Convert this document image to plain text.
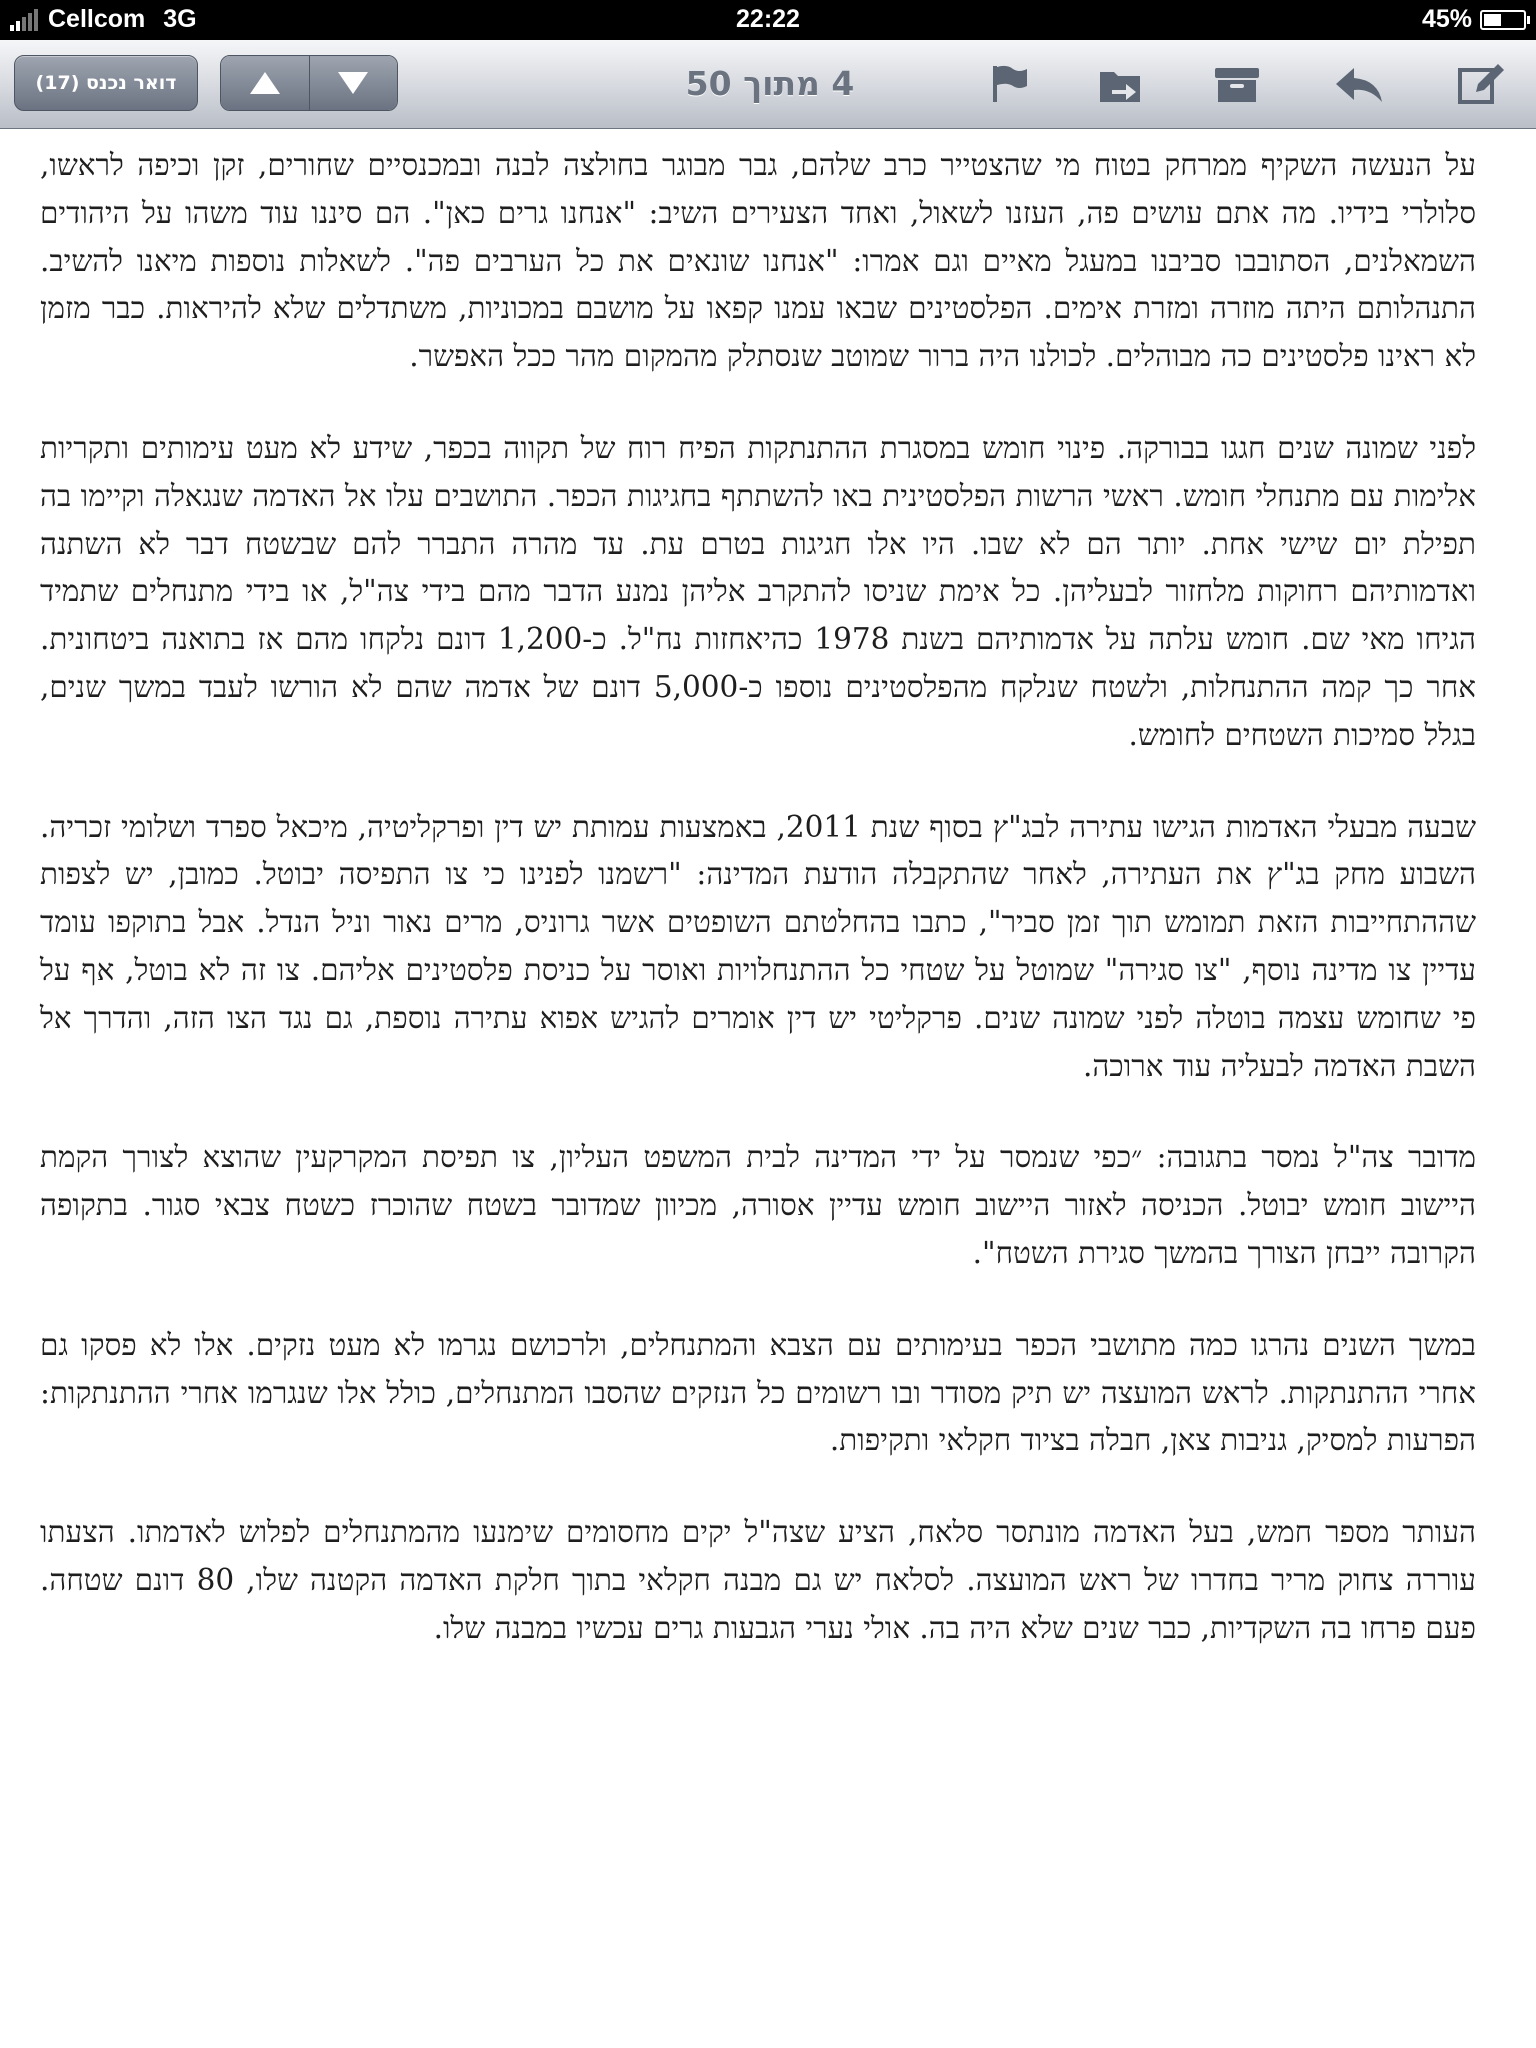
Cellcom 3G	22:22	45%
דואר נכנס (17)	4 מתוך 50

על הנעשה השקיף ממרחק בטוח מי שהצטייר כרב שלהם, גבר מבוגר בחולצה לבנה ובמכנסיים שחורים, זקן וכיפה לראשו, סלולרי בידיו. מה אתם עושים פה, העזנו לשאול, ואחד הצעירים השיב: "אנחנו גרים כאן". הם סיננו עוד משהו על היהודים השמאלנים, הסתובבו סביבנו במעגל מאיים וגם אמרו: "אנחנו שונאים את כל הערבים פה". לשאלות נוספות מיאנו להשיב. התנהלותם היתה מוזרה ומזרת אימים. הפלסטינים שבאו עמנו קפאו על מושבם במכוניות, משתדלים שלא להיראות. כבר מזמן לא ראינו פלסטינים כה מבוהלים. לכולנו היה ברור שמוטב שנסתלק מהמקום מהר ככל האפשר.

לפני שמונה שנים חגגו בבורקה. פינוי חומש במסגרת ההתנתקות הפיח רוח של תקווה בכפר, שידע לא מעט עימותים ותקריות אלימות עם מתנחלי חומש. ראשי הרשות הפלסטינית באו להשתתף בחגיגות הכפר. התושבים עלו אל האדמה שנגאלה וקיימו בה תפילת יום שישי אחת. יותר הם לא שבו. היו אלו חגיגות בטרם עת. עד מהרה התברר להם שבשטח דבר לא השתנה ואדמותיהם רחוקות מלחזור לבעליהן. כל אימת שניסו להתקרב אליהן נמנע הדבר מהם בידי צה"ל, או בידי מתנחלים שתמיד הגיחו מאי שם. חומש עלתה על אדמותיהם בשנת 1978 כהיאחזות נח"ל. כ-1,200 דונם נלקחו מהם אז בתואנה ביטחונית. אחר כך קמה ההתנחלות, ולשטח שנלקח מהפלסטינים נוספו כ-5,000 דונם של אדמה שהם לא הורשו לעבד במשך שנים, בגלל סמיכות השטחים לחומש.

שבעה מבעלי האדמות הגישו עתירה לבג"ץ בסוף שנת 2011, באמצעות עמותת יש דין ופרקליטיה, מיכאל ספרד ושלומי זכריה. השבוע מחק בג"ץ את העתירה, לאחר שהתקבלה הודעת המדינה: "רשמנו לפנינו כי צו התפיסה יבוטל. כמובן, יש לצפות שההתחייבות הזאת תמומש תוך זמן סביר", כתבו בהחלטתם השופטים אשר גרוניס, מרים נאור וניל הנדל. אבל בתוקפו עומד עדיין צו מדינה נוסף, "צו סגירה" שמוטל על שטחי כל ההתנחלויות ואוסר על כניסת פלסטינים אליהם. צו זה לא בוטל, אף על פי שחומש עצמה בוטלה לפני שמונה שנים. פרקליטי יש דין אומרים להגיש אפוא עתירה נוספת, גם נגד הצו הזה, והדרך אל השבת האדמה לבעליה עוד ארוכה.

מדובר צה"ל נמסר בתגובה: ״כפי שנמסר על ידי המדינה לבית המשפט העליון, צו תפיסת המקרקעין שהוצא לצורך הקמת היישוב חומש יבוטל. הכניסה לאזור היישוב חומש עדיין אסורה, מכיוון שמדובר בשטח שהוכרז כשטח צבאי סגור. בתקופה הקרובה ייבחן הצורך בהמשך סגירת השטח".

במשך השנים נהרגו כמה מתושבי הכפר בעימותים עם הצבא והמתנחלים, ולרכושם נגרמו לא מעט נזקים. אלו לא פסקו גם אחרי ההתנתקות. לראש המועצה יש תיק מסודר ובו רשומים כל הנזקים שהסבו המתנחלים, כולל אלו שנגרמו אחרי ההתנתקות: הפרעות למסיק, גניבות צאן, חבלה בציוד חקלאי ותקיפות.

העותר מספר חמש, בעל האדמה מונתסר סלאח, הציע שצה"ל יקים מחסומים שימנעו מהמתנחלים לפלוש לאדמתו. הצעתו עוררה צחוק מריר בחדרו של ראש המועצה. לסלאח יש גם מבנה חקלאי בתוך חלקת האדמה הקטנה שלו, 80 דונם שטחה. פעם פרחו בה השקדיות, כבר שנים שלא היה בה. אולי נערי הגבעות גרים עכשיו במבנה שלו.
